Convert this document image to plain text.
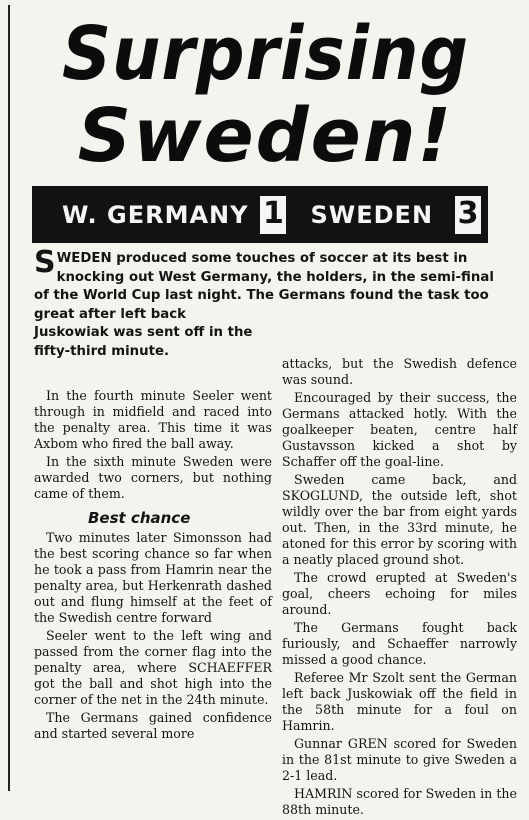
Surprising
Sweden!
W. GERMANY 1 SWEDEN 3
SWEDEN produced some touches of soccer at its best in knocking out West Germany, the holders, in the semi-final of the World Cup last night. The Germans found the task too great after left back
Juskowiak was sent off in the fifty-third minute.

In the fourth minute Seeler went through in midfield and raced into the penalty area. This time it was Axbom who fired the ball away.

In the sixth minute Sweden were awarded two corners, but nothing came of them.

Best chance

Two minutes later Simonsson had the best scoring chance so far when he took a pass from Hamrin near the penalty area, but Herkenrath dashed out and flung himself at the feet of the Swedish centre forward

Seeler went to the left wing and passed from the corner flag into the penalty area, where SCHAEFFER got the ball and shot high into the corner of the net in the 24th minute.

The Germans gained confidence and started several more

attacks, but the Swedish defence was sound.

Encouraged by their success, the Germans attacked hotly. With the goalkeeper beaten, centre half Gustavsson kicked a shot by Schaffer off the goal-line.

Sweden came back, and SKOGLUND, the outside left, shot wildly over the bar from eight yards out. Then, in the 33rd minute, he atoned for this error by scoring with a neatly placed ground shot.

The crowd erupted at Sweden's goal, cheers echoing for miles around.

The Germans fought back furiously, and Schaeffer narrowly missed a good chance.

Referee Mr Szolt sent the German left back Juskowiak off the field in the 58th minute for a foul on Hamrin.

Gunnar GREN scored for Sweden in the 81st minute to give Sweden a 2-1 lead.

HAMRIN scored for Sweden in the 88th minute.
